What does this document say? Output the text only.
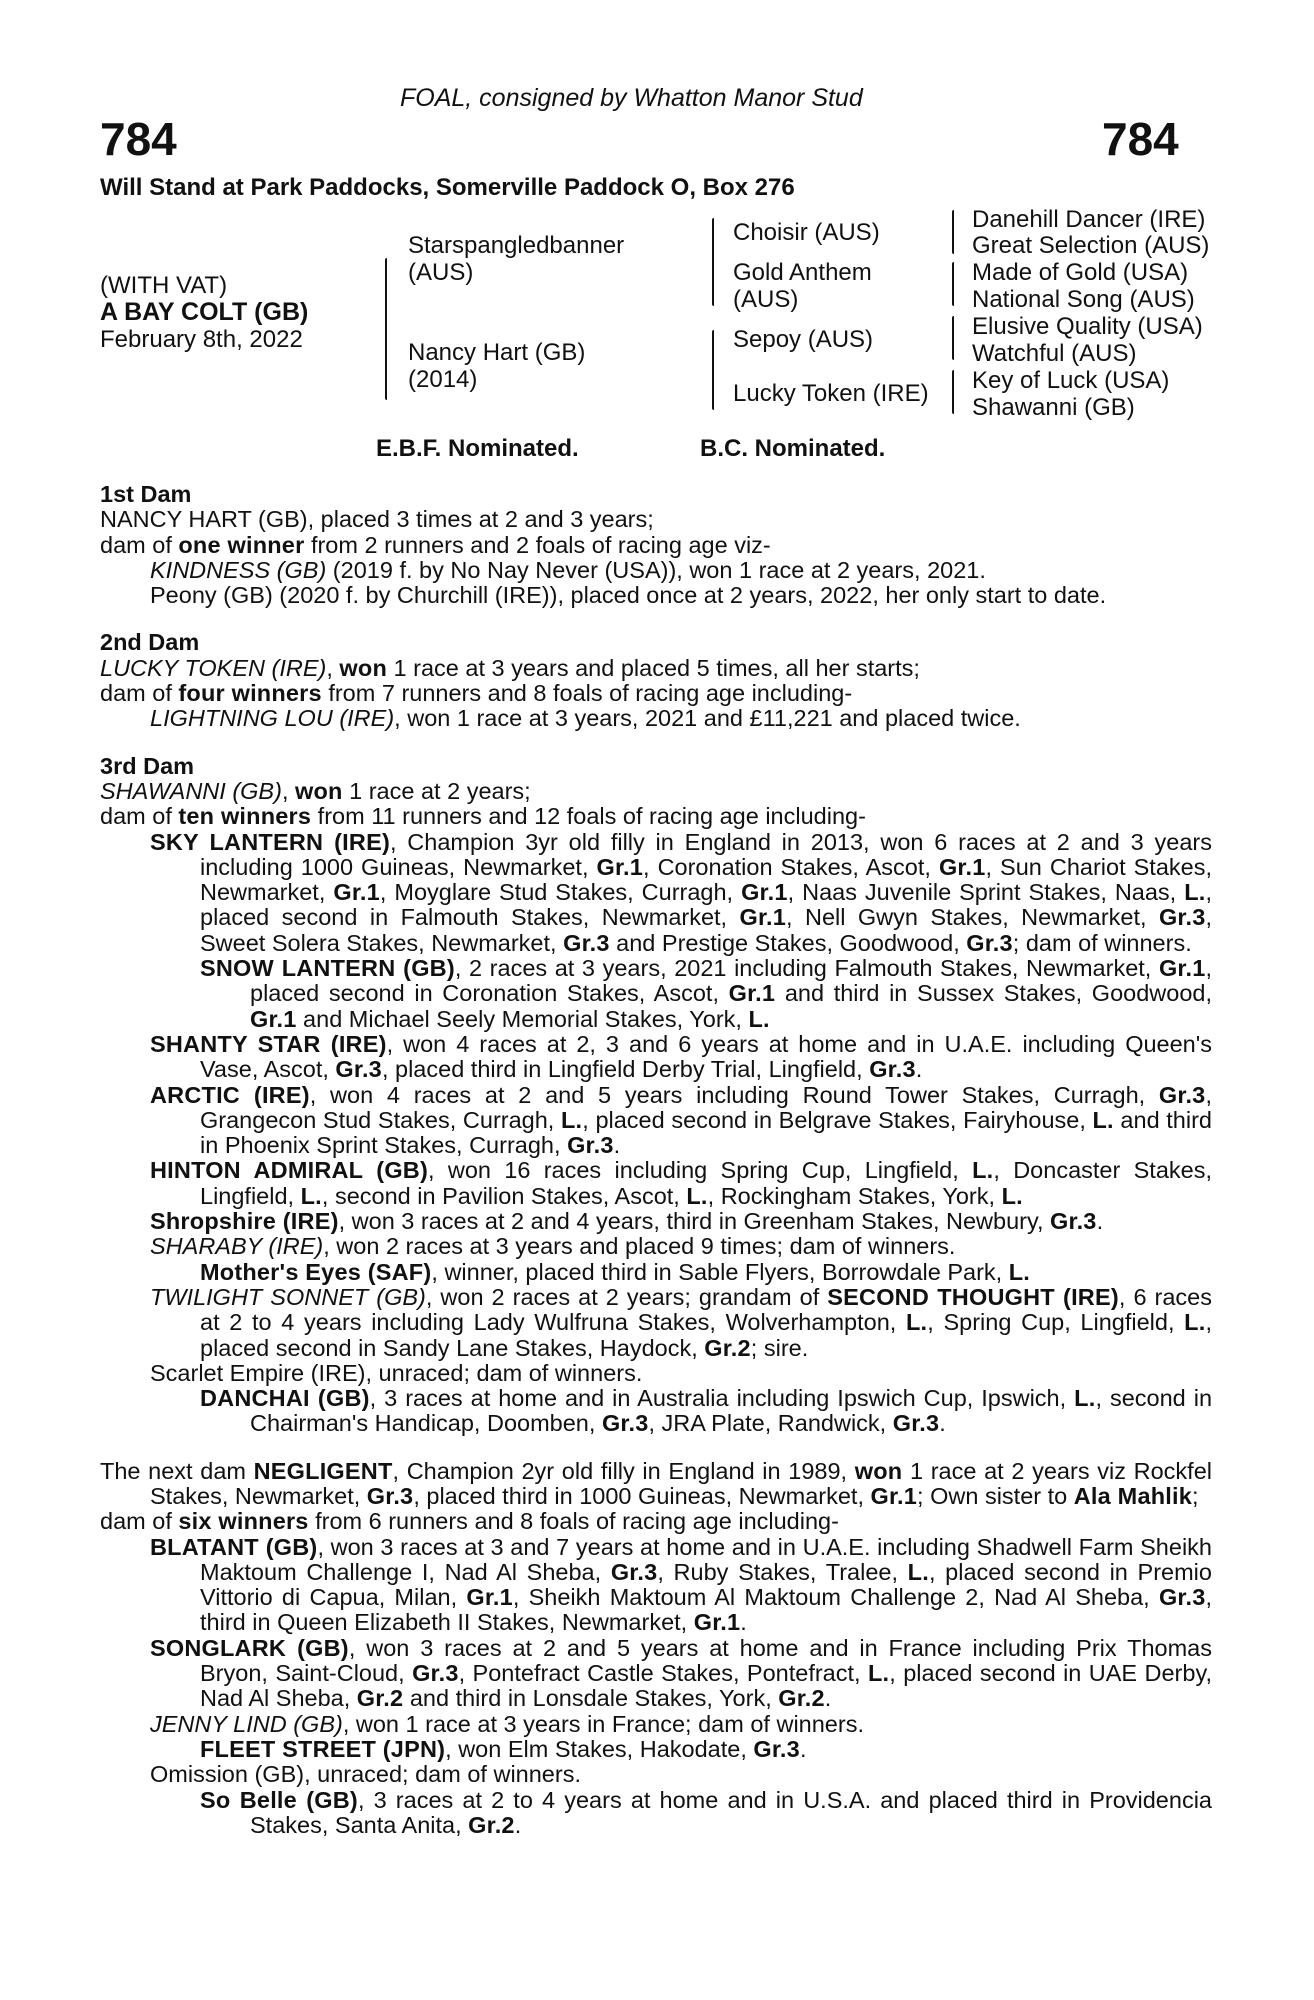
FOAL, consigned by Whatton Manor Stud
784	784
Will Stand at Park Paddocks, Somerville Paddock O, Box 276
(WITH VAT)
A BAY COLT (GB)
February 8th, 2022
Starspangledbanner
(AUS)
Nancy Hart (GB)
(2014)
Choisir (AUS)
Gold Anthem
(AUS)
Sepoy (AUS)
Lucky Token (IRE)
Danehill Dancer (IRE)
Great Selection (AUS)
Made of Gold (USA)
National Song (AUS)
Elusive Quality (USA)
Watchful (AUS)
Key of Luck (USA)
Shawanni (GB)
E.B.F. Nominated.	B.C. Nominated.

1st Dam

NANCY HART (GB), placed 3 times at 2 and 3 years;

dam of one winner from 2 runners and 2 foals of racing age viz-

KINDNESS (GB) (2019 f. by No Nay Never (USA)), won 1 race at 2 years, 2021.

Peony (GB) (2020 f. by Churchill (IRE)), placed once at 2 years, 2022, her only start to date.

2nd Dam

LUCKY TOKEN (IRE), won 1 race at 3 years and placed 5 times, all her starts;

dam of four winners from 7 runners and 8 foals of racing age including-

LIGHTNING LOU (IRE), won 1 race at 3 years, 2021 and £11,221 and placed twice.

3rd Dam

SHAWANNI (GB), won 1 race at 2 years;

dam of ten winners from 11 runners and 12 foals of racing age including-

SKY LANTERN (IRE), Champion 3yr old filly in England in 2013, won 6 races at 2 and 3 years including 1000 Guineas, Newmarket, Gr.1, Coronation Stakes, Ascot, Gr.1, Sun Chariot Stakes, Newmarket, Gr.1, Moyglare Stud Stakes, Curragh, Gr.1, Naas Juvenile Sprint Stakes, Naas, L., placed second in Falmouth Stakes, Newmarket, Gr.1, Nell Gwyn Stakes, Newmarket, Gr.3, Sweet Solera Stakes, Newmarket, Gr.3 and Prestige Stakes, Goodwood, Gr.3; dam of winners.

SNOW LANTERN (GB), 2 races at 3 years, 2021 including Falmouth Stakes, Newmarket, Gr.1, placed second in Coronation Stakes, Ascot, Gr.1 and third in Sussex Stakes, Goodwood, Gr.1 and Michael Seely Memorial Stakes, York, L.

SHANTY STAR (IRE), won 4 races at 2, 3 and 6 years at home and in U.A.E. including Queen's Vase, Ascot, Gr.3, placed third in Lingfield Derby Trial, Lingfield, Gr.3.

ARCTIC (IRE), won 4 races at 2 and 5 years including Round Tower Stakes, Curragh, Gr.3, Grangecon Stud Stakes, Curragh, L., placed second in Belgrave Stakes, Fairyhouse, L. and third in Phoenix Sprint Stakes, Curragh, Gr.3.

HINTON ADMIRAL (GB), won 16 races including Spring Cup, Lingfield, L., Doncaster Stakes, Lingfield, L., second in Pavilion Stakes, Ascot, L., Rockingham Stakes, York, L.

Shropshire (IRE), won 3 races at 2 and 4 years, third in Greenham Stakes, Newbury, Gr.3.

SHARABY (IRE), won 2 races at 3 years and placed 9 times; dam of winners.

Mother's Eyes (SAF), winner, placed third in Sable Flyers, Borrowdale Park, L.

TWILIGHT SONNET (GB), won 2 races at 2 years; grandam of SECOND THOUGHT (IRE), 6 races at 2 to 4 years including Lady Wulfruna Stakes, Wolverhampton, L., Spring Cup, Lingfield, L., placed second in Sandy Lane Stakes, Haydock, Gr.2; sire.

Scarlet Empire (IRE), unraced; dam of winners.

DANCHAI (GB), 3 races at home and in Australia including Ipswich Cup, Ipswich, L., second in Chairman's Handicap, Doomben, Gr.3, JRA Plate, Randwick, Gr.3.

The next dam NEGLIGENT, Champion 2yr old filly in England in 1989, won 1 race at 2 years viz Rockfel Stakes, Newmarket, Gr.3, placed third in 1000 Guineas, Newmarket, Gr.1; Own sister to Ala Mahlik;

dam of six winners from 6 runners and 8 foals of racing age including-

BLATANT (GB), won 3 races at 3 and 7 years at home and in U.A.E. including Shadwell Farm Sheikh Maktoum Challenge I, Nad Al Sheba, Gr.3, Ruby Stakes, Tralee, L., placed second in Premio Vittorio di Capua, Milan, Gr.1, Sheikh Maktoum Al Maktoum Challenge 2, Nad Al Sheba, Gr.3, third in Queen Elizabeth II Stakes, Newmarket, Gr.1.

SONGLARK (GB), won 3 races at 2 and 5 years at home and in France including Prix Thomas Bryon, Saint-Cloud, Gr.3, Pontefract Castle Stakes, Pontefract, L., placed second in UAE Derby, Nad Al Sheba, Gr.2 and third in Lonsdale Stakes, York, Gr.2.

JENNY LIND (GB), won 1 race at 3 years in France; dam of winners.

FLEET STREET (JPN), won Elm Stakes, Hakodate, Gr.3.

Omission (GB), unraced; dam of winners.

So Belle (GB), 3 races at 2 to 4 years at home and in U.S.A. and placed third in Providencia Stakes, Santa Anita, Gr.2.
